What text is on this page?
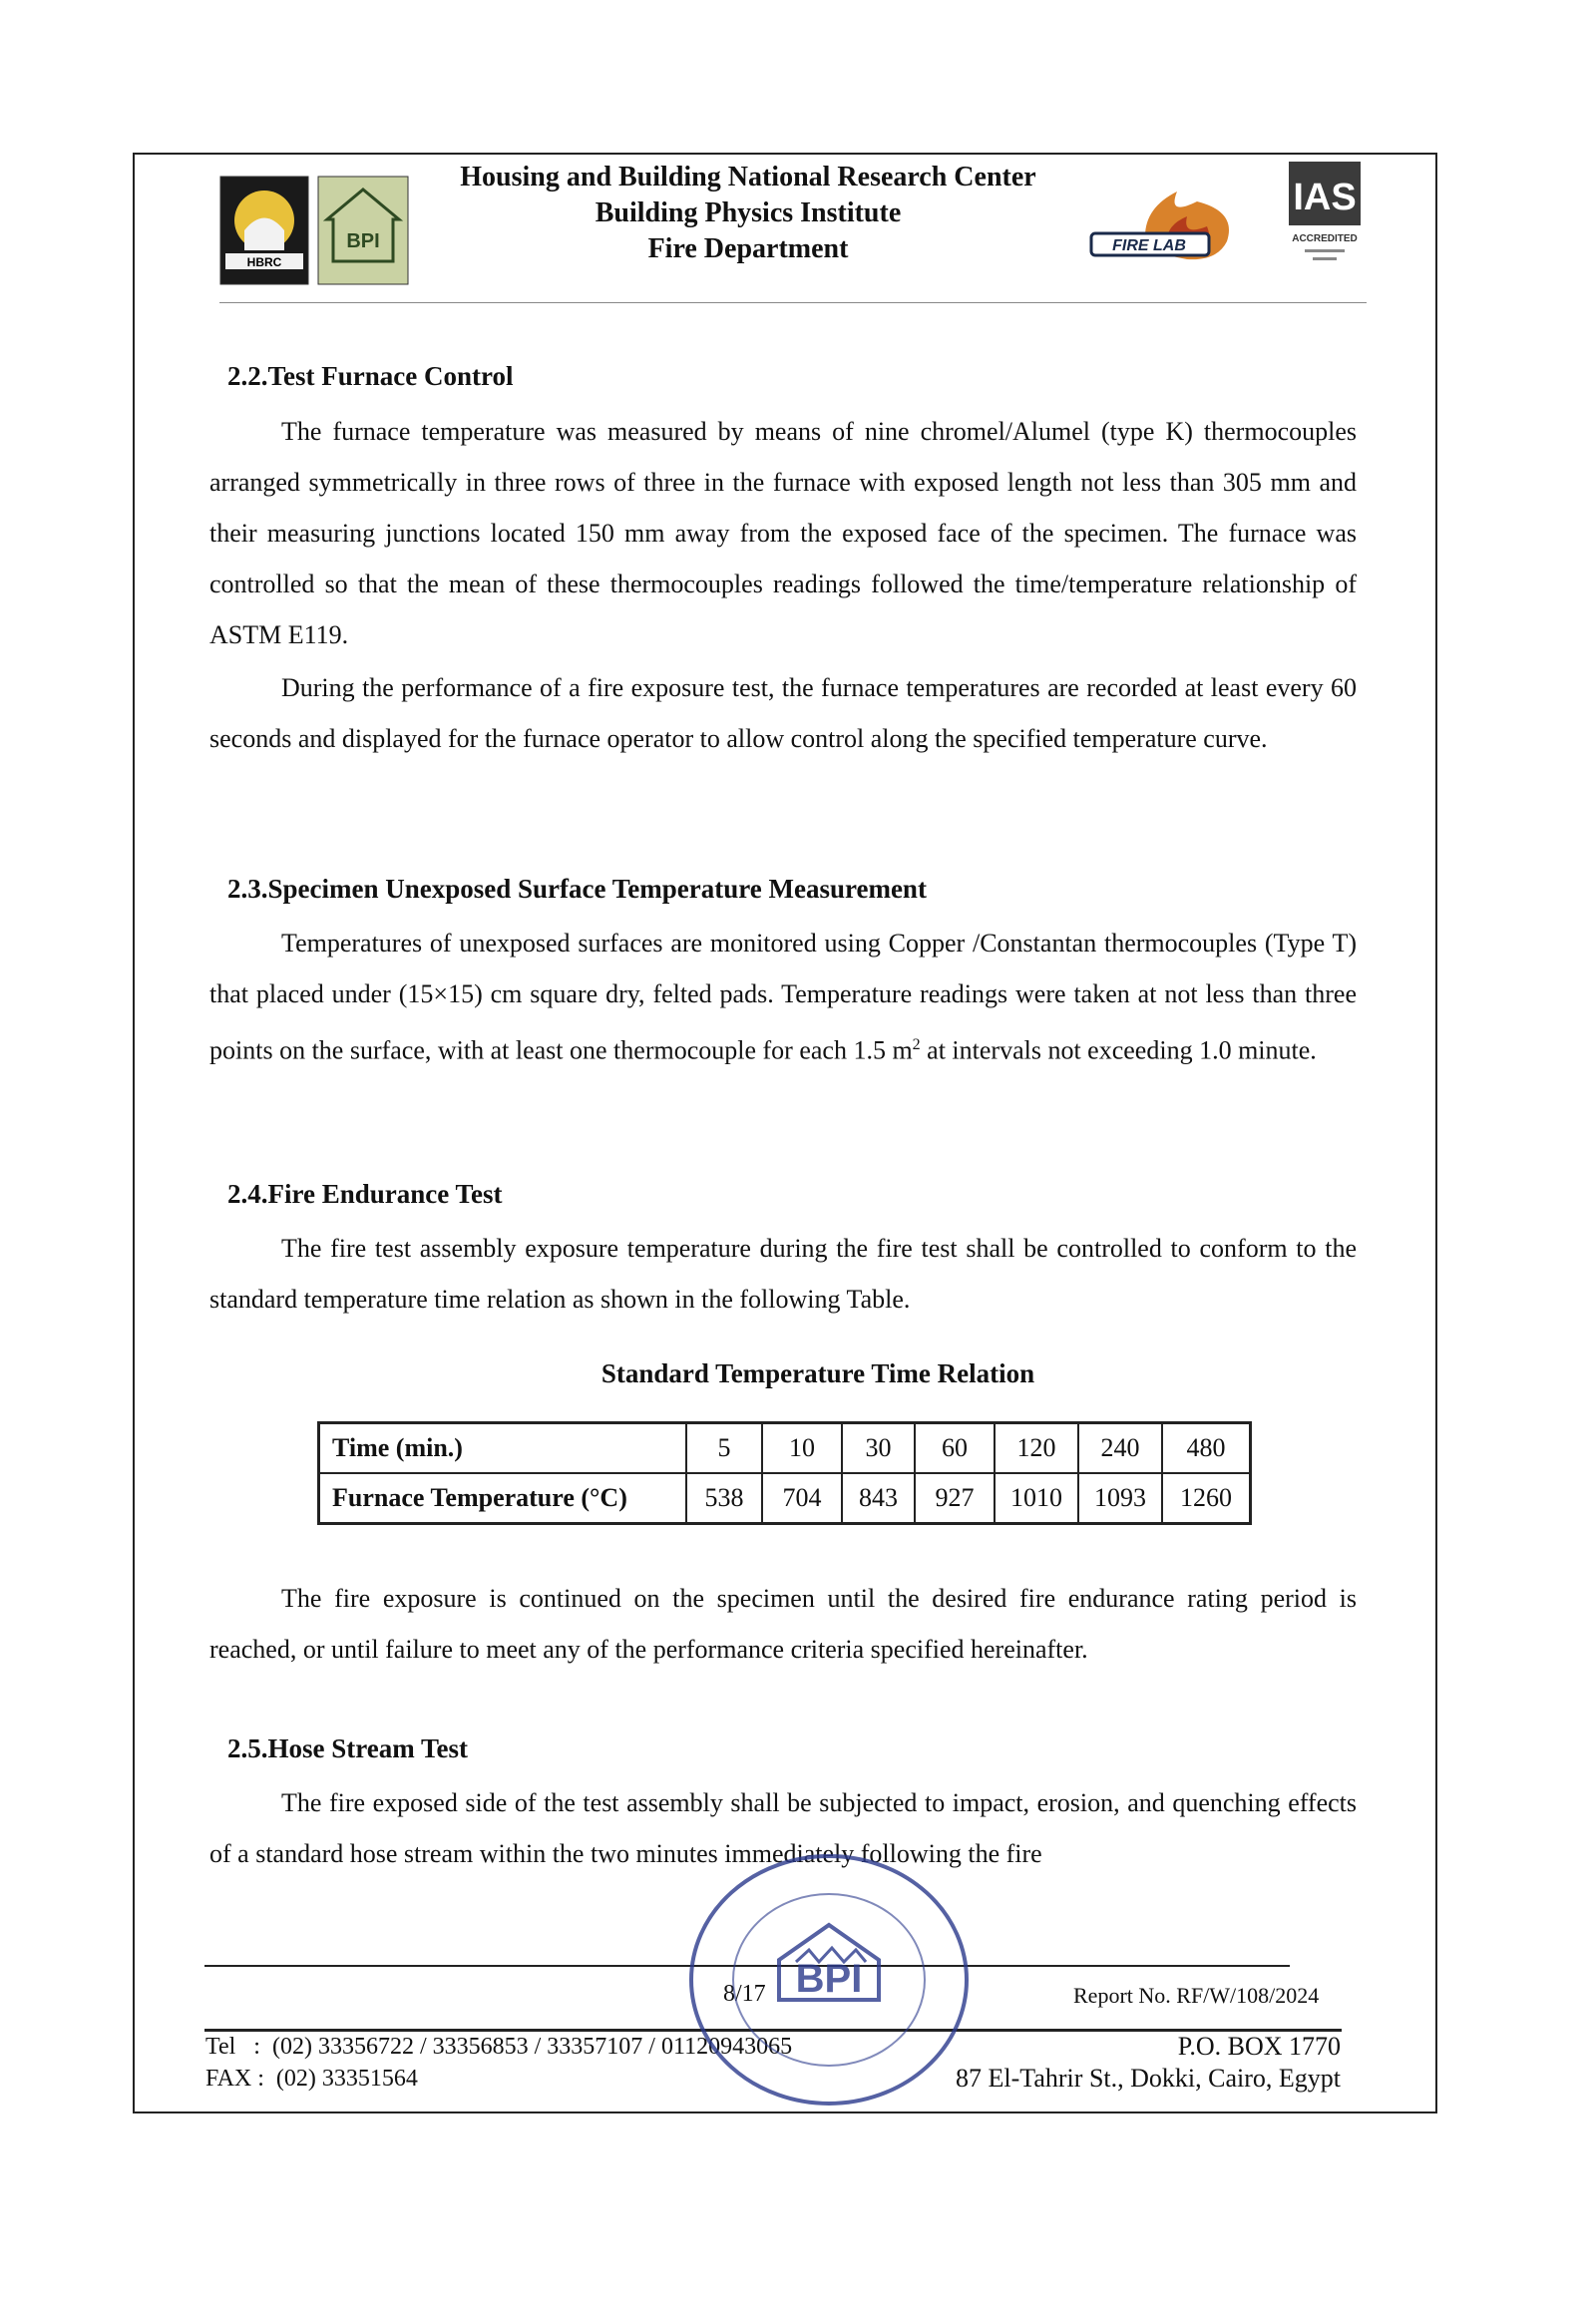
HBRC
BPI
Housing and Building National Research Center
Building Physics Institute
Fire Department	FIRE LAB
IAS
ACCREDITED
2.2.Test Furnace Control

The furnace temperature was measured by means of nine chromel/Alumel (type K) thermocouples arranged symmetrically in three rows of three in the furnace with exposed length not less than 305 mm and their measuring junctions located 150 mm away from the exposed face of the specimen. The furnace was controlled so that the mean of these thermocouples readings followed the time/temperature relationship of ASTM E119.

During the performance of a fire exposure test, the furnace temperatures are recorded at least every 60 seconds and displayed for the furnace operator to allow control along the specified temperature curve.

2.3.Specimen Unexposed Surface Temperature Measurement

Temperatures of unexposed surfaces are monitored using Copper /Constantan thermocouples (Type T) that placed under (15×15) cm square dry, felted pads. Temperature readings were taken at not less than three points on the surface, with at least one thermocouple for each 1.5 $m^2$ at intervals not exceeding 1.0 minute.

2.4.Fire Endurance Test

The fire test assembly exposure temperature during the fire test shall be controlled to conform to the standard temperature time relation as shown in the following Table.

Standard Temperature Time Relation
Time (min.)	5	10	30	60	120	240	480
Furnace Temperature (°C)	538	704	843	927	1010	1093	1260

The fire exposure is continued on the specimen until the desired fire endurance rating period is reached, or until failure to meet any of the performance criteria specified hereinafter.

2.5.Hose Stream Test

The fire exposed side of the test assembly shall be subjected to impact, erosion, and quenching effects of a standard hose stream within the two minutes immediately following the fire

8/17	Report No. RF/W/108/2024
Tel   :  (02) 33356722 / 33356853 / 33357107 / 01120943065
FAX :  (02) 33351564
P.O. BOX 1770
87 El-Tahrir St., Dokki, Cairo, Egypt
BPI
